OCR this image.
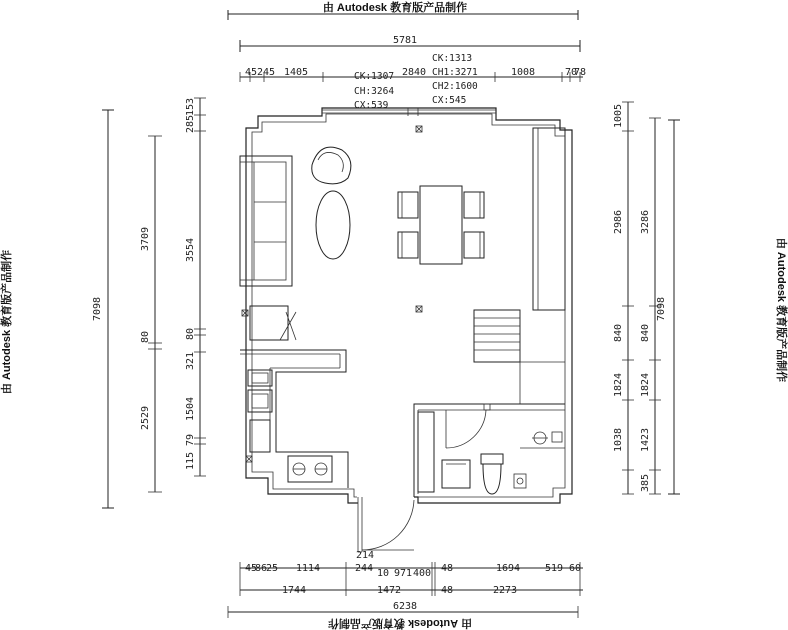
由 Autodesk 教育版产品制作
由 Autodesk 教育版产品制作
由 Autodesk 教育版产品制作	由 Autodesk 教育版产品制作
5781
45 245 1405	2840	1008	70
78
CK:1307
CH:3264
CX:539
CK:1313
CH1:3271
CH2:1600
CX:545
7098
3709
80
2529
153
285
3554
80
321
1504
79
115
7098
3286
840
1824
1423
385
1005
2986
840
1824
1038
45
86
25 1114
214
244 10 971 400 48	1694 519 60
1744	1472	48	2273
6238
